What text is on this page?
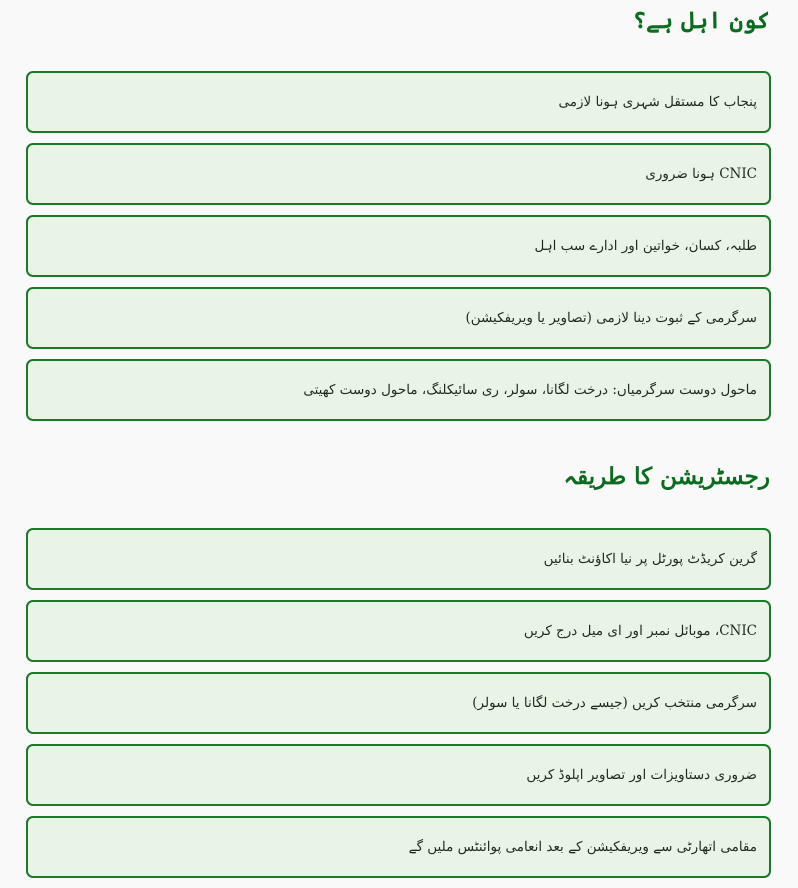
کون اہل ہے؟
پنجاب کا مستقل شہری ہونا لازمی
CNIC ہونا ضروری
طلبہ، کسان، خواتین اور ادارے سب اہل
سرگرمی کے ثبوت دینا لازمی (تصاویر یا ویریفکیشن)
ماحول دوست سرگرمیاں: درخت لگانا، سولر، ری سائیکلنگ، ماحول دوست کھیتی
رجسٹریشن کا طریقہ
گرین کریڈٹ پورٹل پر نیا اکاؤنٹ بنائیں
CNIC، موبائل نمبر اور ای میل درج کریں
سرگرمی منتخب کریں (جیسے درخت لگانا یا سولر)
ضروری دستاویزات اور تصاویر اپلوڈ کریں
مقامی اتھارٹی سے ویریفکیشن کے بعد انعامی پوائنٹس ملیں گے
